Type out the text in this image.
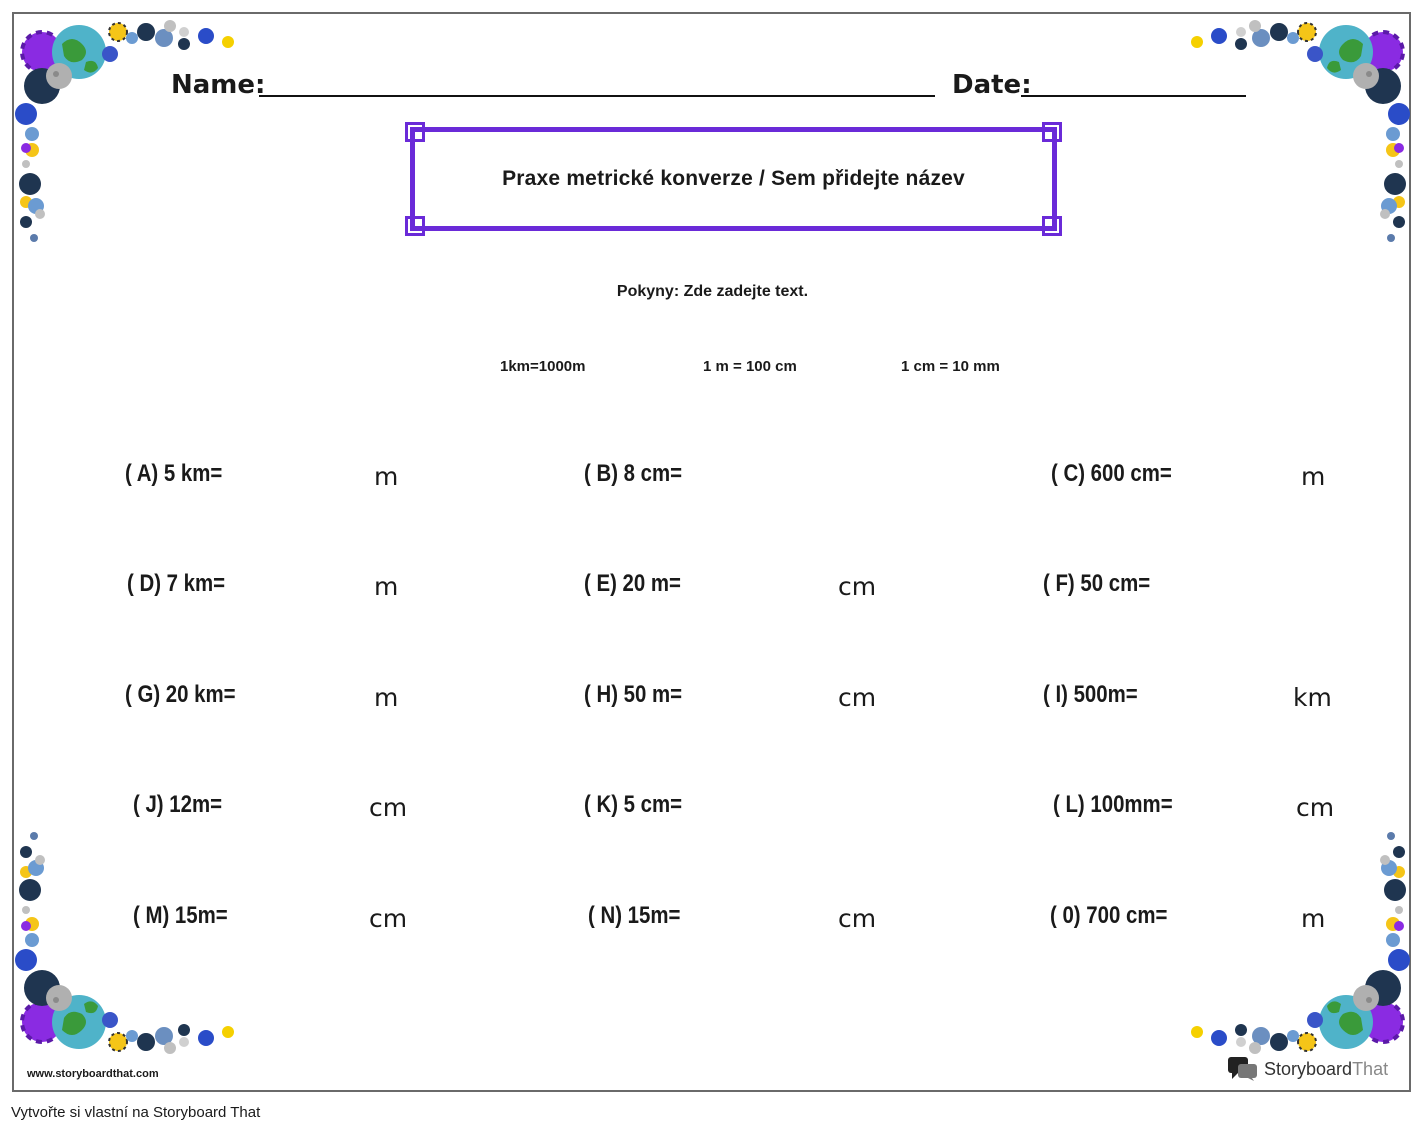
Name:	Date:
Praxe metrické konverze / Sem přidejte název
Pokyny: Zde zadejte text.
1km=1000m	1 m = 100 cm	1 cm = 10 mm
( A) 5 km=	m	( B) 8 cm=	( C) 600 cm=	m
( D) 7 km=	m	( E) 20 m=	cm	( F) 50 cm=
( G) 20 km=	m	( H) 50 m=	cm	( I) 500m=	km
( J) 12m=	cm	( K) 5 cm=	( L) 100mm=	cm
( M) 15m=	cm	( N) 15m=	cm	( 0) 700 cm=	m
www.storyboardthat.com	StoryboardThat
Vytvořte si vlastní na Storyboard That
